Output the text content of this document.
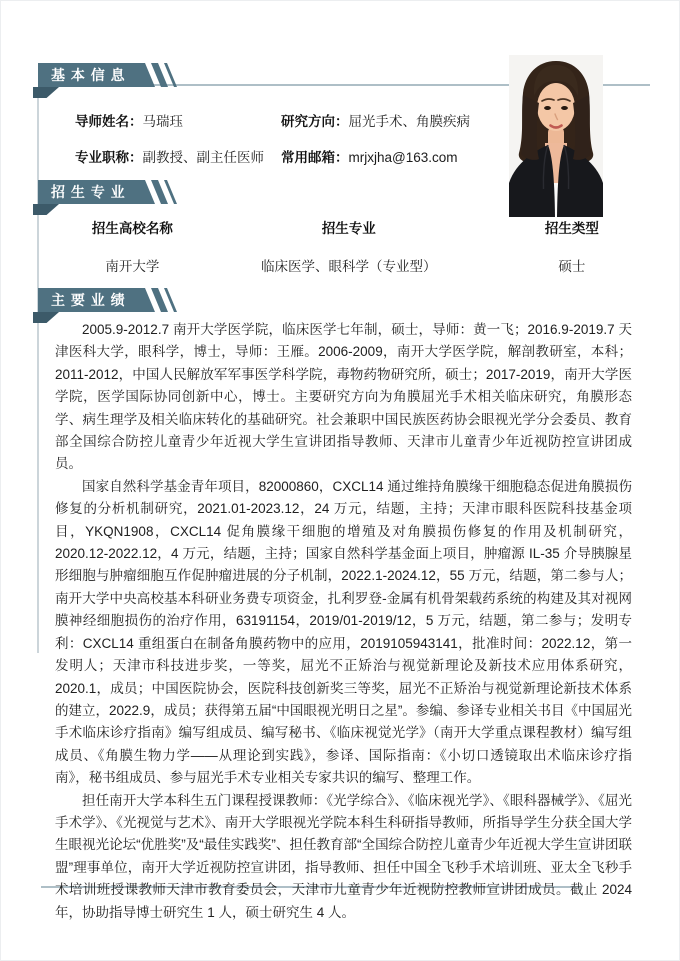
基 本 信 息
导师姓名：马瑞珏	研究方向：屈光手术、角膜疾病
专业职称：副教授、副主任医师 常用邮箱：mrjxjha@163.com
招 生 专 业
招生高校名称	招生专业	招生类型
南开大学	临床医学、眼科学（专业型）	硕士
主 要 业 绩

2005.9-2012.7 南开大学医学院，临床医学七年制，硕士，导师：黄一飞；2016.9-2019.7 天津医科大学，眼科学，博士，导师：王雁。2006-2009，南开大学医学院，解剖教研室，本科；2011-2012，中国人民解放军军事医学科学院，毒物药物研究所，硕士；2017-2019，南开大学医学院，医学国际协同创新中心，博士。主要研究方向为角膜屈光手术相关临床研究，角膜形态学、病生理学及相关临床转化的基础研究。社会兼职中国民族医药协会眼视光学分会委员、教育部全国综合防控儿童青少年近视大学生宣讲团指导教师、天津市儿童青少年近视防控宣讲团成员。

国家自然科学基金青年项目，82000860，CXCL14 通过维持角膜缘干细胞稳态促进角膜损伤修复的分析机制研究，2021.01-2023.12，24 万元，结题，主持；天津市眼科医院科技基金项目，YKQN1908，CXCL14 促角膜缘干细胞的增殖及对角膜损伤修复的作用及机制研究，2020.12-2022.12，4 万元，结题，主持；国家自然科学基金面上项目，肿瘤源 IL-35 介导胰腺星形细胞与肿瘤细胞互作促肿瘤进展的分子机制，2022.1-2024.12，55 万元，结题，第二参与人；南开大学中央高校基本科研业务费专项资金，扎利罗登-金属有机骨架载药系统的构建及其对视网膜神经细胞损伤的治疗作用，63191154，2019/01-2019/12，5 万元，结题，第二参与；发明专利：CXCL14 重组蛋白在制备角膜药物中的应用，2019105943141，批准时间：2022.12，第一发明人；天津市科技进步奖，一等奖，屈光不正矫治与视觉新理论及新技术应用体系研究，2020.1，成员；中国医院协会，医院科技创新奖三等奖，屈光不正矫治与视觉新理论新技术体系的建立，2022.9，成员；获得第五届“中国眼视光明日之星”。参编、参译专业相关书目《中国屈光手术临床诊疗指南》编写组成员、编写秘书、《临床视觉光学》（南开大学重点课程教材）编写组成员、《角膜生物力学——从理论到实践》，参译、国际指南：《小切口透镜取出术临床诊疗指南》，秘书组成员、参与屈光手术专业相关专家共识的编写、整理工作。

担任南开大学本科生五门课程授课教师：《光学综合》、《临床视光学》、《眼科器械学》、《屈光手术学》、《光视觉与艺术》、南开大学眼视光学院本科生科研指导教师，所指导学生分获全国大学生眼视光论坛“优胜奖”及“最佳实践奖”、担任教育部“全国综合防控儿童青少年近视大学生宣讲团联盟”理事单位，南开大学近视防控宣讲团，指导教师、担任中国全飞秒手术培训班、亚太全飞秒手术培训班授课教师天津市教育委员会，天津市儿童青少年近视防控教师宣讲团成员。截止 2024 年，协助指导博士研究生 1 人，硕士研究生 4 人。
